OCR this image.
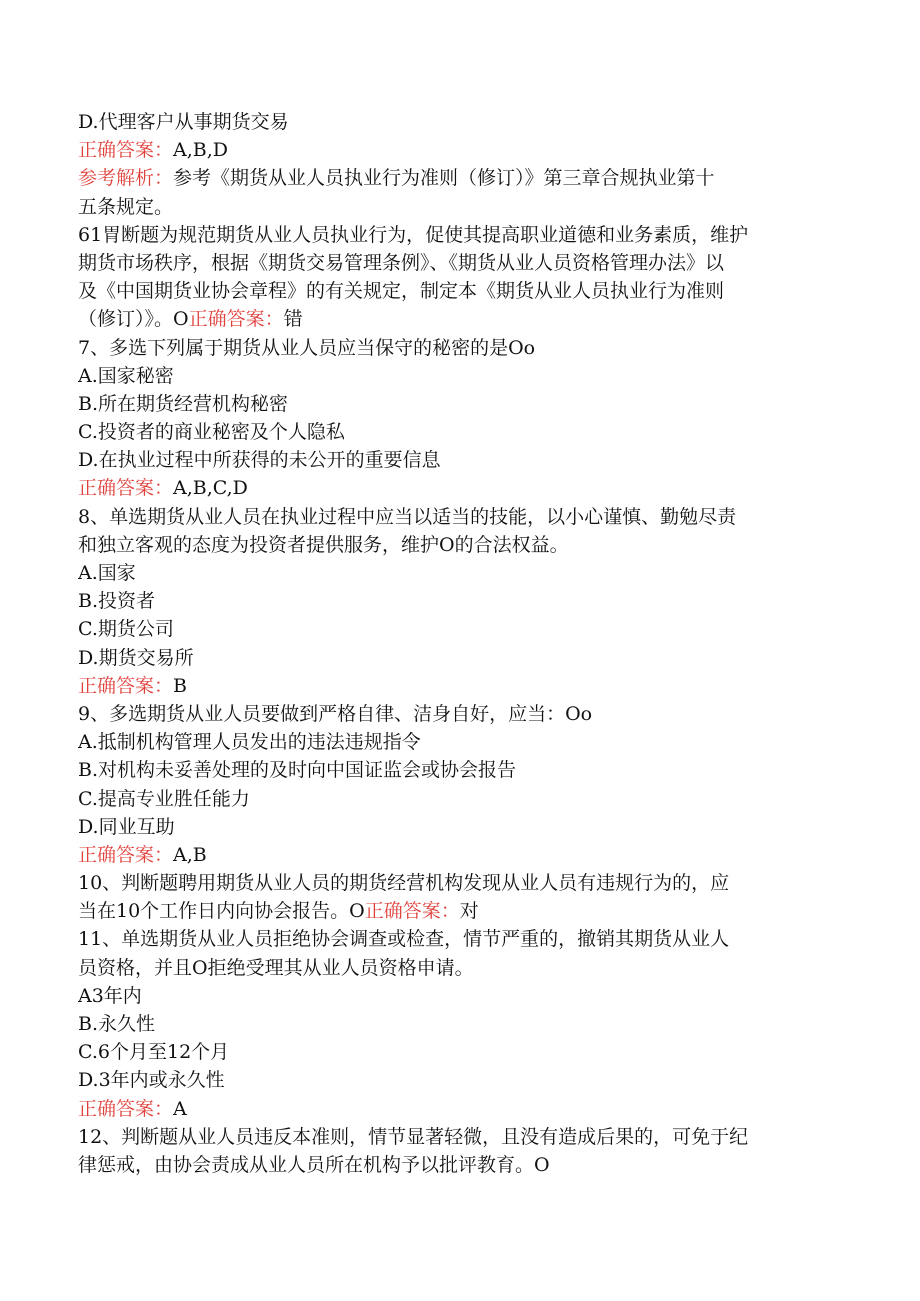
D.代理客户从事期货交易
正确答案：A,B,D
参考解析：参考《期货从业人员执业行为准则（修订）》第三章合规执业第十
五条规定。
61胃断题为规范期货从业人员执业行为，促使其提高职业道德和业务素质，维护
期货市场秩序，根据《期货交易管理条例》、《期货从业人员资格管理办法》以
及《中国期货业协会章程》的有关规定，制定本《期货从业人员执业行为准则
（修订）》。O正确答案：错
7、多选下列属于期货从业人员应当保守的秘密的是Oo
A.国家秘密
B.所在期货经营机构秘密
C.投资者的商业秘密及个人隐私
D.在执业过程中所获得的未公开的重要信息
正确答案：A,B,C,D
8、单选期货从业人员在执业过程中应当以适当的技能，以小心谨慎、勤勉尽责
和独立客观的态度为投资者提供服务，维护O的合法权益。
A.国家
B.投资者
C.期货公司
D.期货交易所
正确答案：B
9、多选期货从业人员要做到严格自律、洁身自好，应当：Oo
A.抵制机构管理人员发出的违法违规指令
B.对机构未妥善处理的及时向中国证监会或协会报告
C.提高专业胜任能力
D.同业互助
正确答案：A,B
10、判断题聘用期货从业人员的期货经营机构发现从业人员有违规行为的，应
当在10个工作日内向协会报告。O正确答案：对
11、单选期货从业人员拒绝协会调查或检查，情节严重的，撤销其期货从业人
员资格，并且O拒绝受理其从业人员资格申请。
A3年内
B.永久性
C.6个月至12个月
D.3年内或永久性
正确答案：A
12、判断题从业人员违反本准则，情节显著轻微，且没有造成后果的，可免于纪
律惩戒，由协会责成从业人员所在机构予以批评教育。O
